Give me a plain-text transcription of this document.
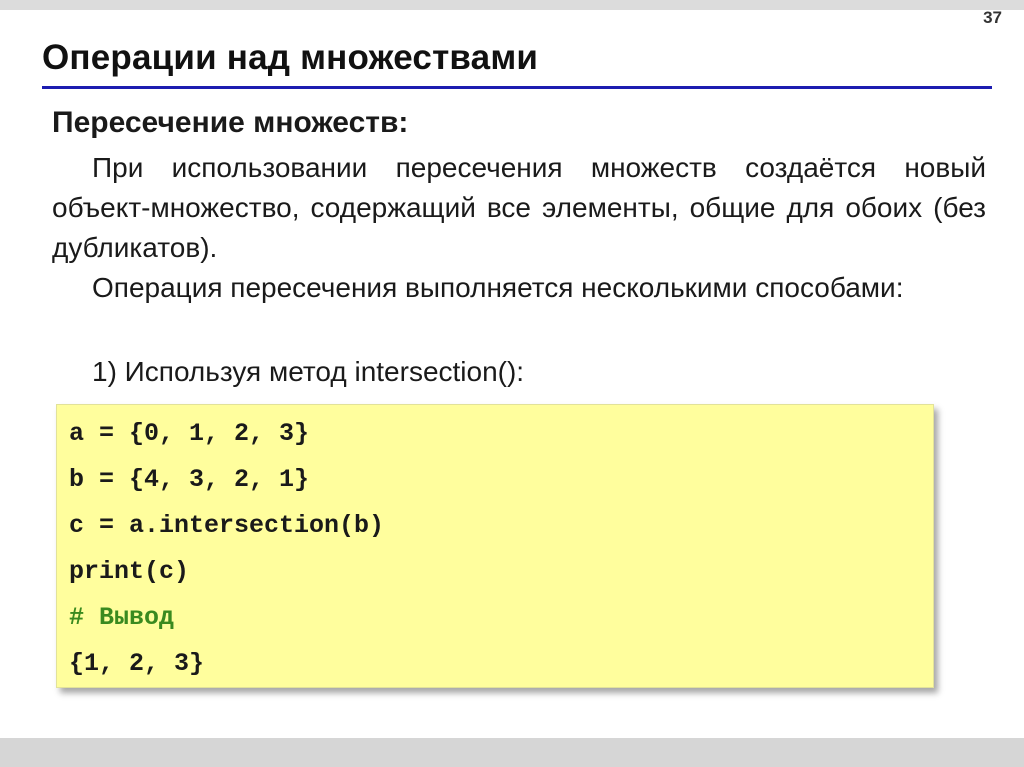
37
Операции над множествами
Пересечение множеств:
При использовании пересечения множеств создаётся новый объект-множество, содержащий все элементы, общие для обоих (без дубликатов).
Операция пересечения выполняется несколькими способами:
1) Используя метод intersection():
a = {0, 1, 2, 3}
b = {4, 3, 2, 1}
c = a.intersection(b)
print(c)
# Вывод
{1, 2, 3}
